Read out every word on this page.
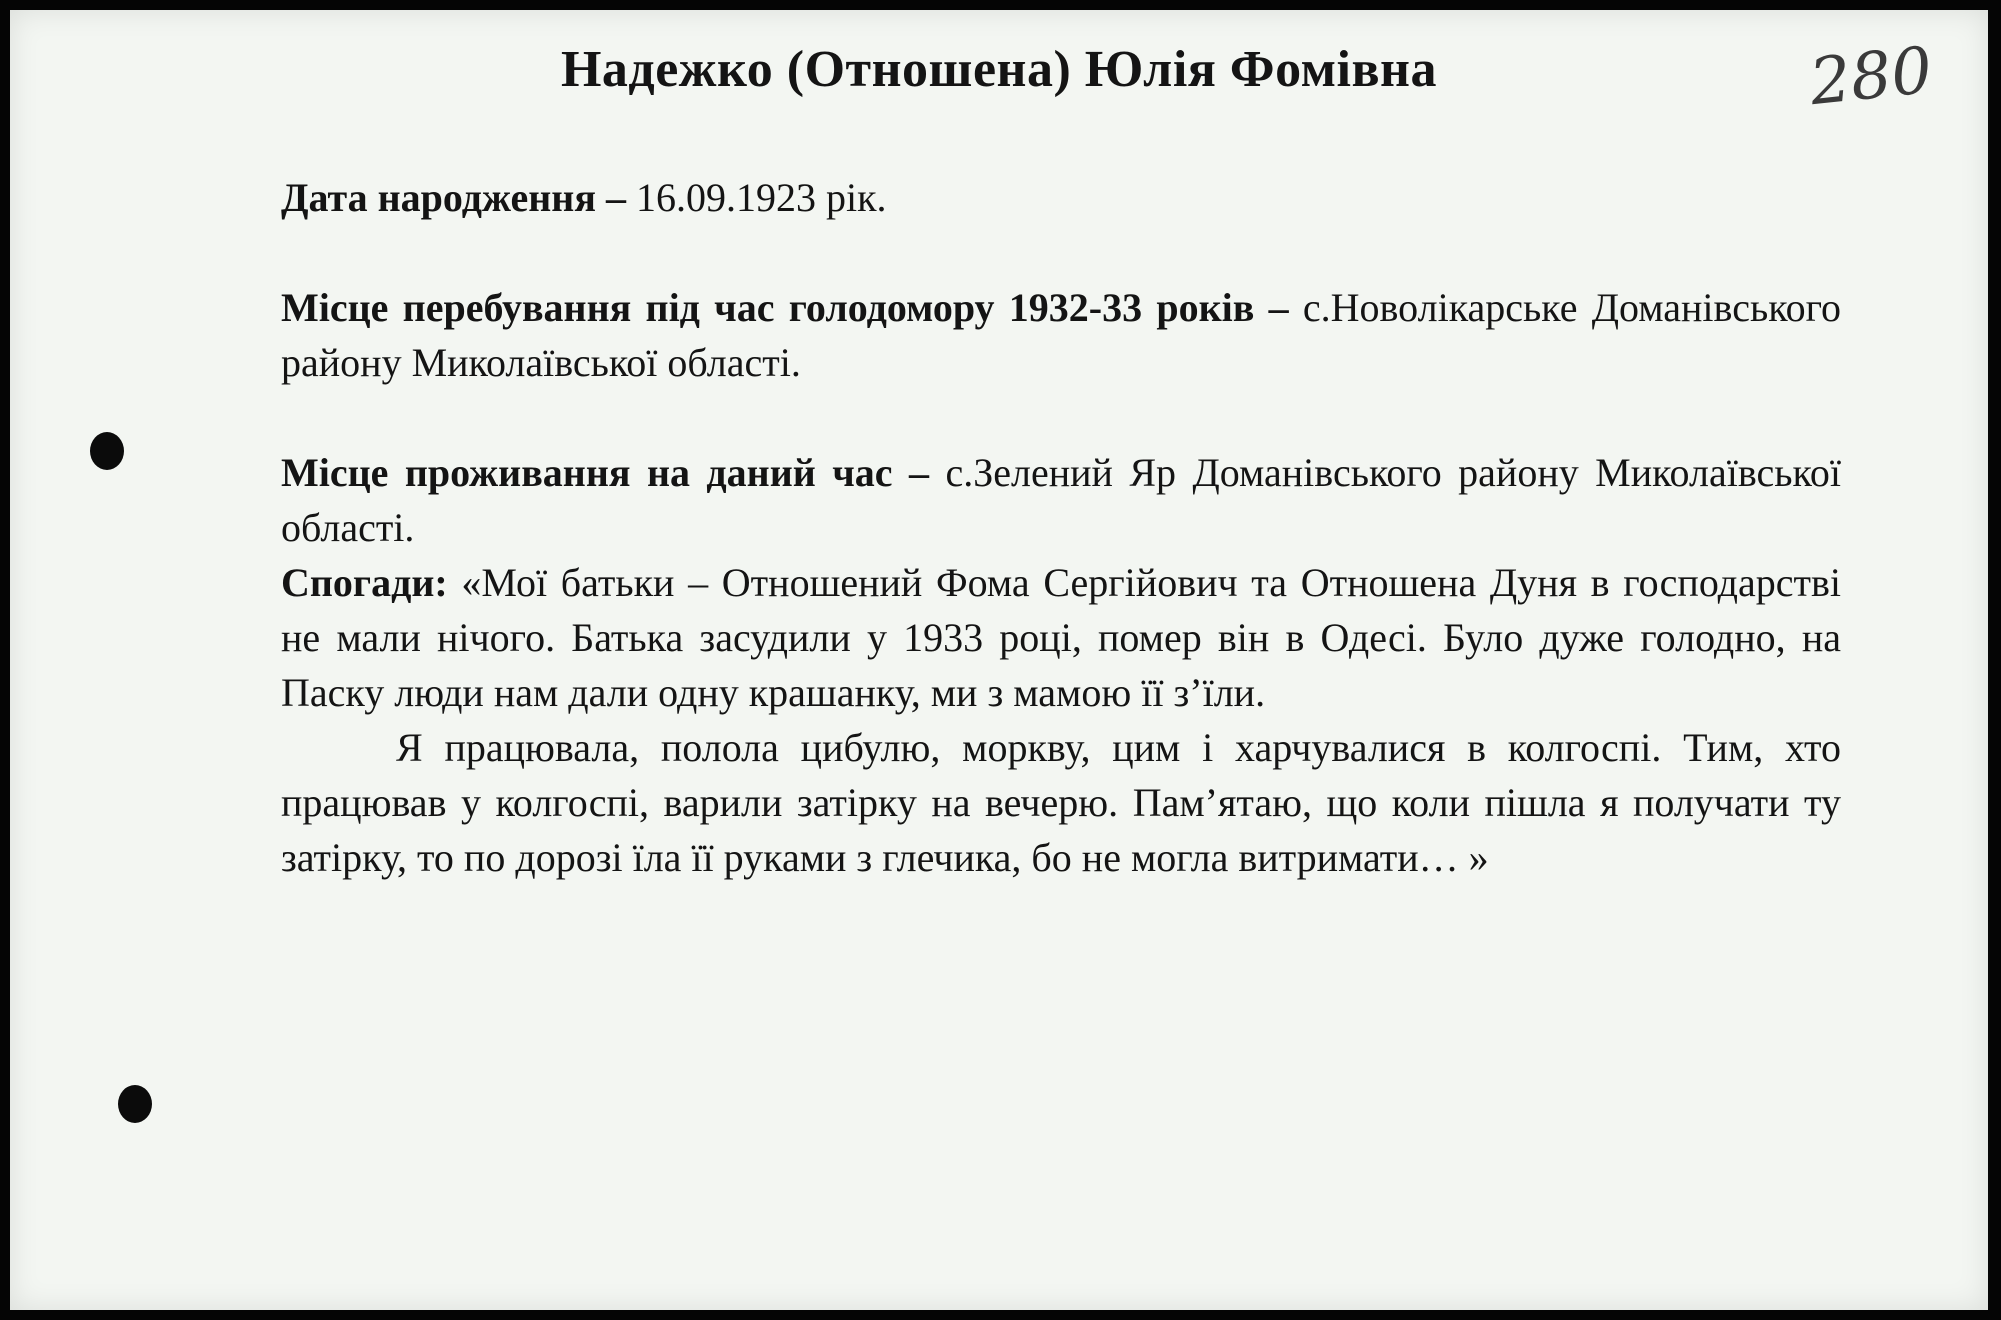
Надежко (Отношена) Юлія Фомівна	280

Дата народження – 16.09.1923 рік.

Місце перебування під час голодомору 1932-33 років – с.Новолікарське Доманівського району Миколаївської області.

Місце проживання на даний час – с.Зелений Яр Доманівського району Миколаївської області.

Спогади: «Мої батьки – Отношений Фома Сергійович та Отношена Дуня в господарстві не мали нічого. Батька засудили у 1933 році, помер він в Одесі. Було дуже голодно, на Паску люди нам дали одну крашанку, ми з мамою її з’їли.

Я працювала, полола цибулю, моркву, цим і харчувалися в колгоспі. Тим, хто працював у колгоспі, варили затірку на вечерю. Пам’ятаю, що коли пішла я получати ту затірку, то по дорозі їла її руками з глечика, бо не могла витримати… »
